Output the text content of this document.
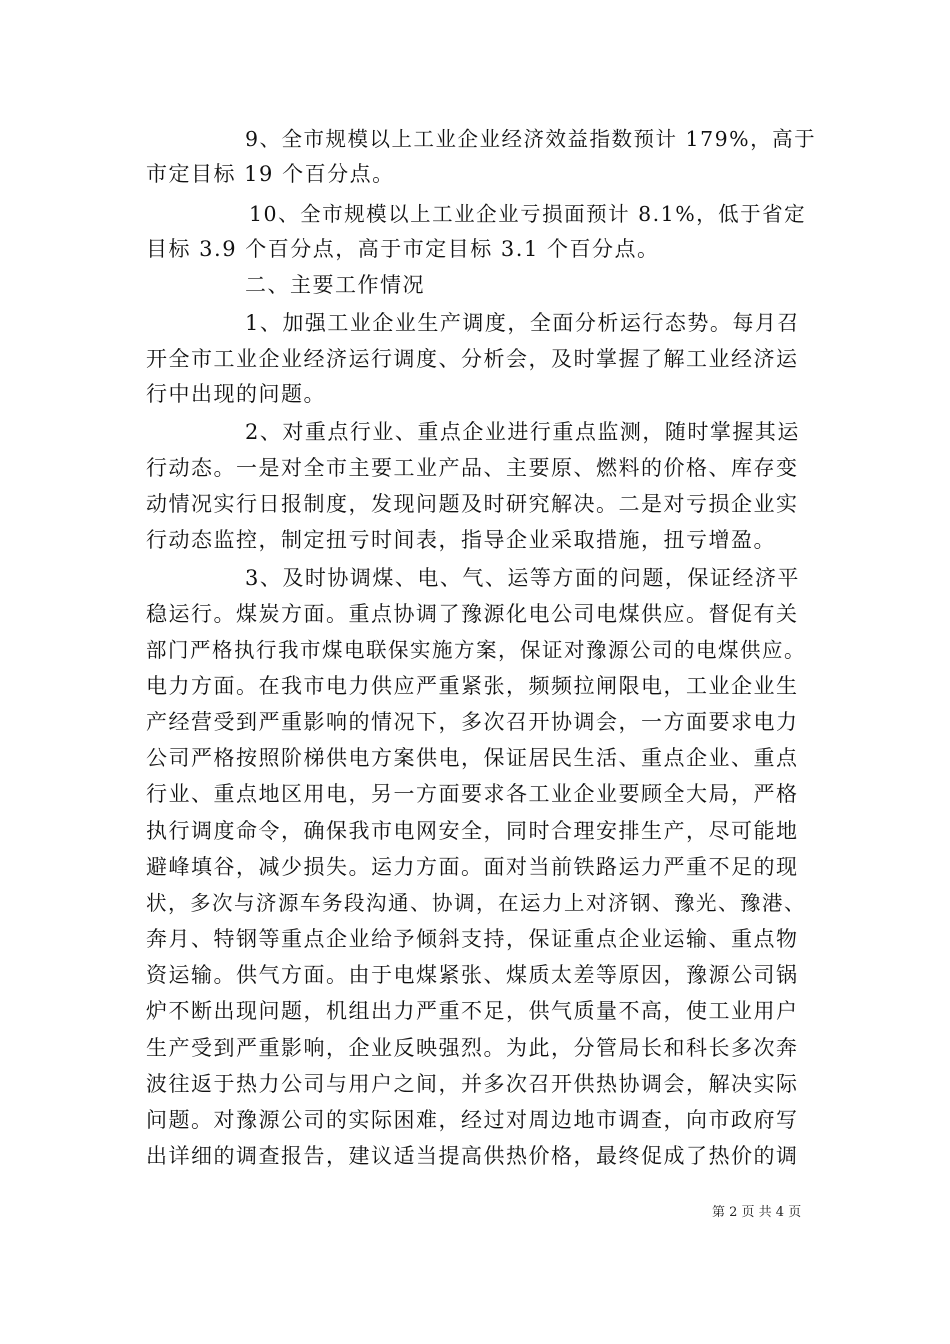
9、全市规模以上工业企业经济效益指数预计 179%，高于
市定目标 19 个百分点。
10、全市规模以上工业企业亏损面预计 8.1%，低于省定
目标 3.9 个百分点，高于市定目标 3.1 个百分点。
二、主要工作情况
1、加强工业企业生产调度，全面分析运行态势。每月召
开全市工业企业经济运行调度、分析会，及时掌握了解工业经济运
行中出现的问题。
2、对重点行业、重点企业进行重点监测，随时掌握其运
行动态。一是对全市主要工业产品、主要原、燃料的价格、库存变
动情况实行日报制度，发现问题及时研究解决。二是对亏损企业实
行动态监控，制定扭亏时间表，指导企业采取措施，扭亏增盈。
3、及时协调煤、电、气、运等方面的问题，保证经济平
稳运行。煤炭方面。重点协调了豫源化电公司电煤供应。督促有关
部门严格执行我市煤电联保实施方案，保证对豫源公司的电煤供应。
电力方面。在我市电力供应严重紧张，频频拉闸限电，工业企业生
产经营受到严重影响的情况下，多次召开协调会，一方面要求电力
公司严格按照阶梯供电方案供电，保证居民生活、重点企业、重点
行业、重点地区用电，另一方面要求各工业企业要顾全大局，严格
执行调度命令，确保我市电网安全，同时合理安排生产，尽可能地
避峰填谷，减少损失。运力方面。面对当前铁路运力严重不足的现
状，多次与济源车务段沟通、协调，在运力上对济钢、豫光、豫港、
奔月、特钢等重点企业给予倾斜支持，保证重点企业运输、重点物
资运输。供气方面。由于电煤紧张、煤质太差等原因，豫源公司锅
炉不断出现问题，机组出力严重不足，供气质量不高，使工业用户
生产受到严重影响，企业反映强烈。为此，分管局长和科长多次奔
波往返于热力公司与用户之间，并多次召开供热协调会，解决实际
问题。对豫源公司的实际困难，经过对周边地市调查，向市政府写
出详细的调查报告，建议适当提高供热价格，最终促成了热价的调
第 2 页 共 4 页
